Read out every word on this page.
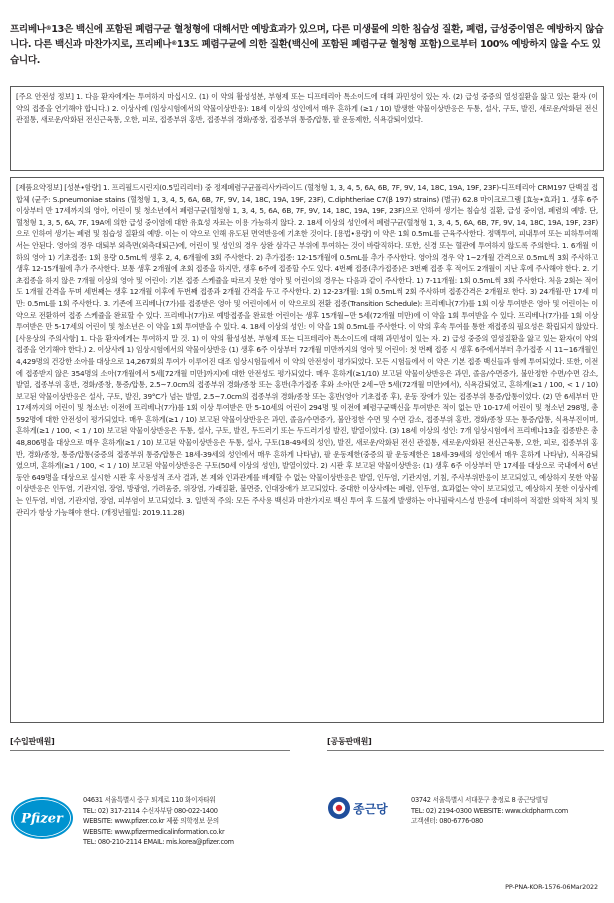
프리베나®13은 백신에 포함된 폐렴구균 혈청형에 대해서만 예방효과가 있으며, 다른 미생물에 의한 침습성 질환, 폐렴, 급성중이염은 예방하지 않습니다. 다른 백신과 마찬가지로, 프리베나®13도 폐렴구균에 의한 질환(백신에 포함된 폐렴구균 혈청형 포함)으로부터 100% 예방하지 않을 수도 있습니다.
[주요 안전성 정보] 1. 다음 환자에게는 투여하지 마십시오. (1) 이 약의 활성성분, 부형제 또는 디프테리아 톡소이드에 대해 과민성이 있는 자. (2) 급성 중증의 열성질환을 앓고 있는 환자 (이 약의 접종을 연기해야 합니다.) 2. 이상사례 (임상시험에서의 약물이상반응): 18세 이상의 성인에서 매우 흔하게 (≥1 / 10) 발생한 약물이상반응은 두통, 설사, 구토, 발진, 새로운/악화된 전신 관절통, 새로운/악화된 전신근육통, 오한, 피로, 접종부위 홍반, 접종부위 경화/종창, 접종부위 통증/압통, 팔 운동제한, 식욕감퇴이었다.
[제품요약정보] [성분•함량] 1. 프리필드시린지(0.5밀리리터) 중 정제폐렴구균폴리사카라이드 (혈청형 1, 3, 4, 5, 6A, 6B, 7F, 9V, 14, 18C, 19A, 19F, 23F)-디프테리아 CRM197 단백질 접합체 (균주: S.pneumoniae stains (혈청형 1, 3, 4, 5, 6A, 6B, 7F, 9V, 14, 18C, 19A, 19F, 23F), C.diphtheriae C7(β 197) strains) (별규) 62.8 마이크로그램 [효능•효과] 1. 생후 6주 이상부터 만 17세까지의 영아, 어린이 및 청소년에서 폐렴구균(혈청형 1, 3, 4, 5, 6A, 6B, 7F, 9V, 14, 18C, 19A, 19F, 23F)으로 인하여 생기는 침습성 질환, 급성 중이염, 폐렴의 예방. 단, 혈청형 1, 3, 5, 6A, 7F, 19A에 의한 급성 중이염에 대한 유효성 자료는 이용 가능하지 않다. 2. 18세 이상의 성인에서 폐렴구균(혈청형 1, 3, 4, 5, 6A, 6B, 7F, 9V, 14, 18C, 19A, 19F, 23F)으로 인하여 생기는 폐렴 및 침습성 질환의 예방. 이는 이 약으로 인해 유도된 면역반응에 기초한 것이다. [용법•용량] 이 약은 1회 0.5mL를 근육주사한다. 정맥투여, 피내투여 또는 피하투여해서는 안된다. 영아의 경우 대퇴부 외측면(외측대퇴근)에, 어린이 및 성인의 경우 상완 삼각근 부위에 투여하는 것이 바람직하다. 또한, 신경 또는 혈관에 투여하지 않도록 주의한다. 1. 6개월 이하의 영아 1) 기초접종: 1회 용량 0.5mL씩 생후 2, 4, 6개월에 3회 주사한다. 2) 추가접종: 12-15개월에 0.5mL를 추가 주사한다. 영아의 경우 약 1~2개월 간격으로 0.5mL씩 3회 주사하고 생후 12-15개월에 추가 주사한다. 보통 생후 2개월에 초회 접종을 하지만, 생후 6주에 접종할 수도 있다. 4번째 접종(추가접종)은 3번째 접종 후 적어도 2개월이 지난 후에 주사해야 한다. 2. 기초접종을 하지 않은 7개월 이상의 영아 및 어린이: 기본 접종 스케쥴을 따르지 못한 영아 및 어린이의 경우는 다음과 같이 주사한다. 1) 7-11개월: 1회 0.5mL씩 3회 주사한다. 처음 2회는 적어도 1개월 간격을 두며 세번째는 생후 12개월 이후에 두번째 접종과 2개월 간격을 두고 주사한다. 2) 12-23개월: 1회 0.5mL씩 2회 주사하며 접종간격은 2개월로 한다. 3) 24개월-만 17세 미만: 0.5mL를 1회 주사한다. 3. 기존에 프리베나(7가)를 접종받은 영아 및 어린이에서 이 약으로의 전환 접종(Transition Schedule): 프리베나(7가)를 1회 이상 투여받은 영아 및 어린이는 이 약으로 전환하여 접종 스케쥴을 완료할 수 있다. 프리베나(7가)로 예방접종을 완료한 어린이는 생후 15개월~만 5세(72개월 미만)에 이 약을 1회 투여받을 수 있다. 프리베나(7가)를 1회 이상 투여받은 만 5-17세의 어린이 및 청소년은 이 약을 1회 투여받을 수 있다. 4. 18세 이상의 성인: 이 약을 1회 0.5mL를 주사한다. 이 약의 후속 투여를 통한 재접종의 필요성은 확립되지 않았다. [사용상의 주의사항] 1. 다음 환자에게는 투여하지 말 것. 1) 이 약의 활성성분, 부형제 또는 디프테리아 톡소이드에 대해 과민성이 있는 자. 2) 급성 중증의 열성질환을 앓고 있는 환자(이 약의 접종을 연기해야 한다.) 2. 이상사례 1) 임상시험에서의 약물이상반응 (1) 생후 6주 이상부터 72개월 미만까지의 영아 및 어린이: 첫 번째 접종 시 생후 6주에서부터 추가접종 시 11~16개월인 4,429명의 건강한 소아를 대상으로 14,267회의 투여가 이루어진 대조 임상시험들에서 이 약의 안전성이 평가되었다. 모든 시험들에서 이 약은 기본 접종 백신들과 함께 투여되었다. 또한, 이전에 접종받지 않은 354명의 소아(7개월에서 5세[72개월 미만]까지)에 대한 안전성도 평가되었다. 매우 흔하게(≥1/10) 보고된 약물이상반응은 과민, 졸음/수면증가, 불안정한 수면/수면 감소, 발열, 접종부위 홍반, 경화/종창, 통증/압통, 2.5~7.0cm의 접종부위 경화/종창 또는 홍반(추가접종 후와 소아(만 2세~만 5세(72개월 미만)에서), 식욕감퇴였고, 흔하게(≥1 / 100, < 1 / 10) 보고된 약물이상반응은 설사, 구토, 발진, 39°C가 넘는 발열, 2.5~7.0cm의 접종부위 경화/종창 또는 홍반(영아 기초접종 후), 운동 장애가 있는 접종부위 통증/압통이었다. (2) 만 6세부터 만 17세까지의 어린이 및 청소년: 이전에 프리베나(7가)를 1회 이상 투여받은 만 5-10세의 어린이 294명 및 이전에 폐렴구균백신을 투여받은 적이 없는 만 10-17세 어린이 및 청소년 298명, 총 592명에 대한 안전성이 평가되었다. 매우 흔하게(≥1 / 10) 보고된 약물이상반응은 과민, 졸음/수면증가, 불안정한 수면 및 수면 감소, 접종부위 홍반, 경화/종창 또는 통증/압통, 식욕부진이며, 흔하게(≥1 / 100, < 1 / 10) 보고된 약물이상반응은 두통, 설사, 구토, 발진, 두드러기 또는 두드러기성 발진, 발열이었다. (3) 18세 이상의 성인: 7개 임상시험에서 프리베나13을 접종받은 총 48,806명을 대상으로 매우 흔하게(≥1 / 10) 보고된 약물이상반응은 두통, 설사, 구토(18-49세의 성인), 발진, 새로운/악화된 전신 관절통, 새로운/악화된 전신근육통, 오한, 피로, 접종부위 홍반, 경화/종창, 통증/압통(중증의 접종부위 통증/압통은 18세-39세의 성인에서 매우 흔하게 나타남), 팔 운동제한(중증의 팔 운동제한은 18세-39세의 성인에서 매우 흔하게 나타남), 식욕감퇴였으며, 흔하게(≥1 / 100, < 1 / 10) 보고된 약물이상반응은 구토(50세 이상의 성인), 발열이었다. 2) 시판 후 보고된 약물이상반응: (1) 생후 6주 이상부터 만 17세를 대상으로 국내에서 6년 동안 649명을 대상으로 실시한 시판 후 사용성적 조사 결과, 본 제와 인과관계를 배제할 수 없는 약물이상반응은 발열, 인두염, 기관지염, 기침, 주사부위반응이 보고되었고, 예상하지 못한 약물이상반응은 인두염, 기관지염, 장염, 방광염, 가려움증, 위장염, 가래질환, 불면증, 인대장애가 보고되었다. 중대한 이상사례는 폐렴, 인두염, 효과없는 약이 보고되었고, 예상하지 못한 이상사례는 인두염, 비염, 기관지염, 장염, 피부염이 보고되었다. 3. 일반적 주의: 모든 주사용 백신과 마찬가지로 백신 투여 후 드물게 발생하는 아나필락시스성 반응에 대비하여 적절한 의학적 처치 및 관리가 항상 가능해야 한다. (개정년월일: 2019.11.28)
[수입판매원]
Pfizer
04631 서울특별시 중구 퇴계로 110 화이자타워
TEL: 02) 317-2114 수신자부담 080-022-1400
WEBSITE: www.pfizer.co.kr 제품 의학정보 문의
WEBSITE: www.pfizermedicalinformation.co.kr
TEL: 080-210-2114 EMAIL: mis.korea@pfizer.com
[공동판매원]
종근당
03742 서울특별시 서대문구 충정로 8 종근당빌딩
TEL: 02) 2194-0300 WEBSITE: www.ckdpharm.com
고객센터: 080-6776-080
PP-PNA-KOR-1576-06Mar2022
